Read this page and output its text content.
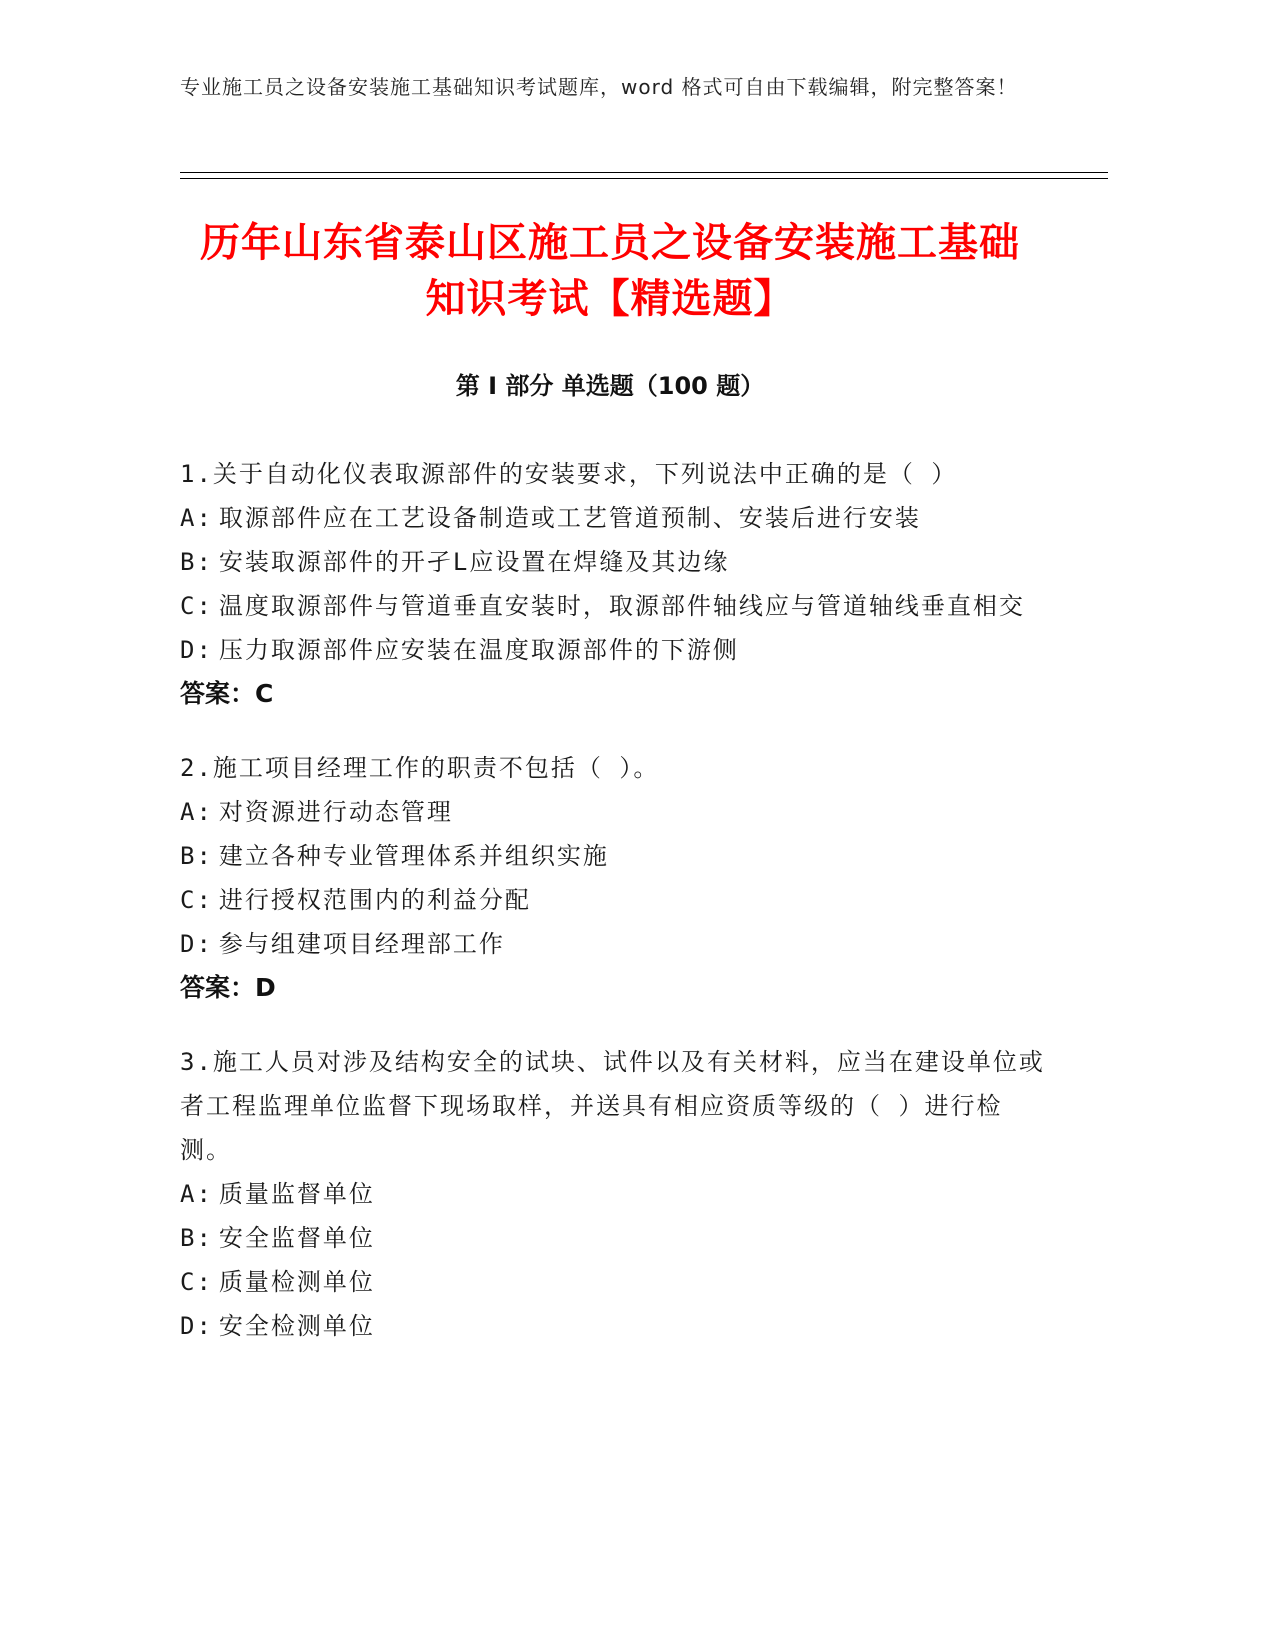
专业施工员之设备安装施工基础知识考试题库，word 格式可自由下载编辑，附完整答案！
历年山东省泰山区施工员之设备安装施工基础知识考试【精选题】
第 I 部分 单选题（100 题）
1.关于自动化仪表取源部件的安装要求，下列说法中正确的是（ ）
A: 取源部件应在工艺设备制造或工艺管道预制、安装后进行安装
B: 安装取源部件的开孑L应设置在焊缝及其边缘
C: 温度取源部件与管道垂直安装时，取源部件轴线应与管道轴线垂直相交
D: 压力取源部件应安装在温度取源部件的下游侧
答案：C
2.施工项目经理工作的职责不包括（ ）。
A: 对资源进行动态管理
B: 建立各种专业管理体系并组织实施
C: 进行授权范围内的利益分配
D: 参与组建项目经理部工作
答案：D
3.施工人员对涉及结构安全的试块、试件以及有关材料，应当在建设单位或者工程监理单位监督下现场取样，并送具有相应资质等级的（ ）进行检测。
A: 质量监督单位
B: 安全监督单位
C: 质量检测单位
D: 安全检测单位
